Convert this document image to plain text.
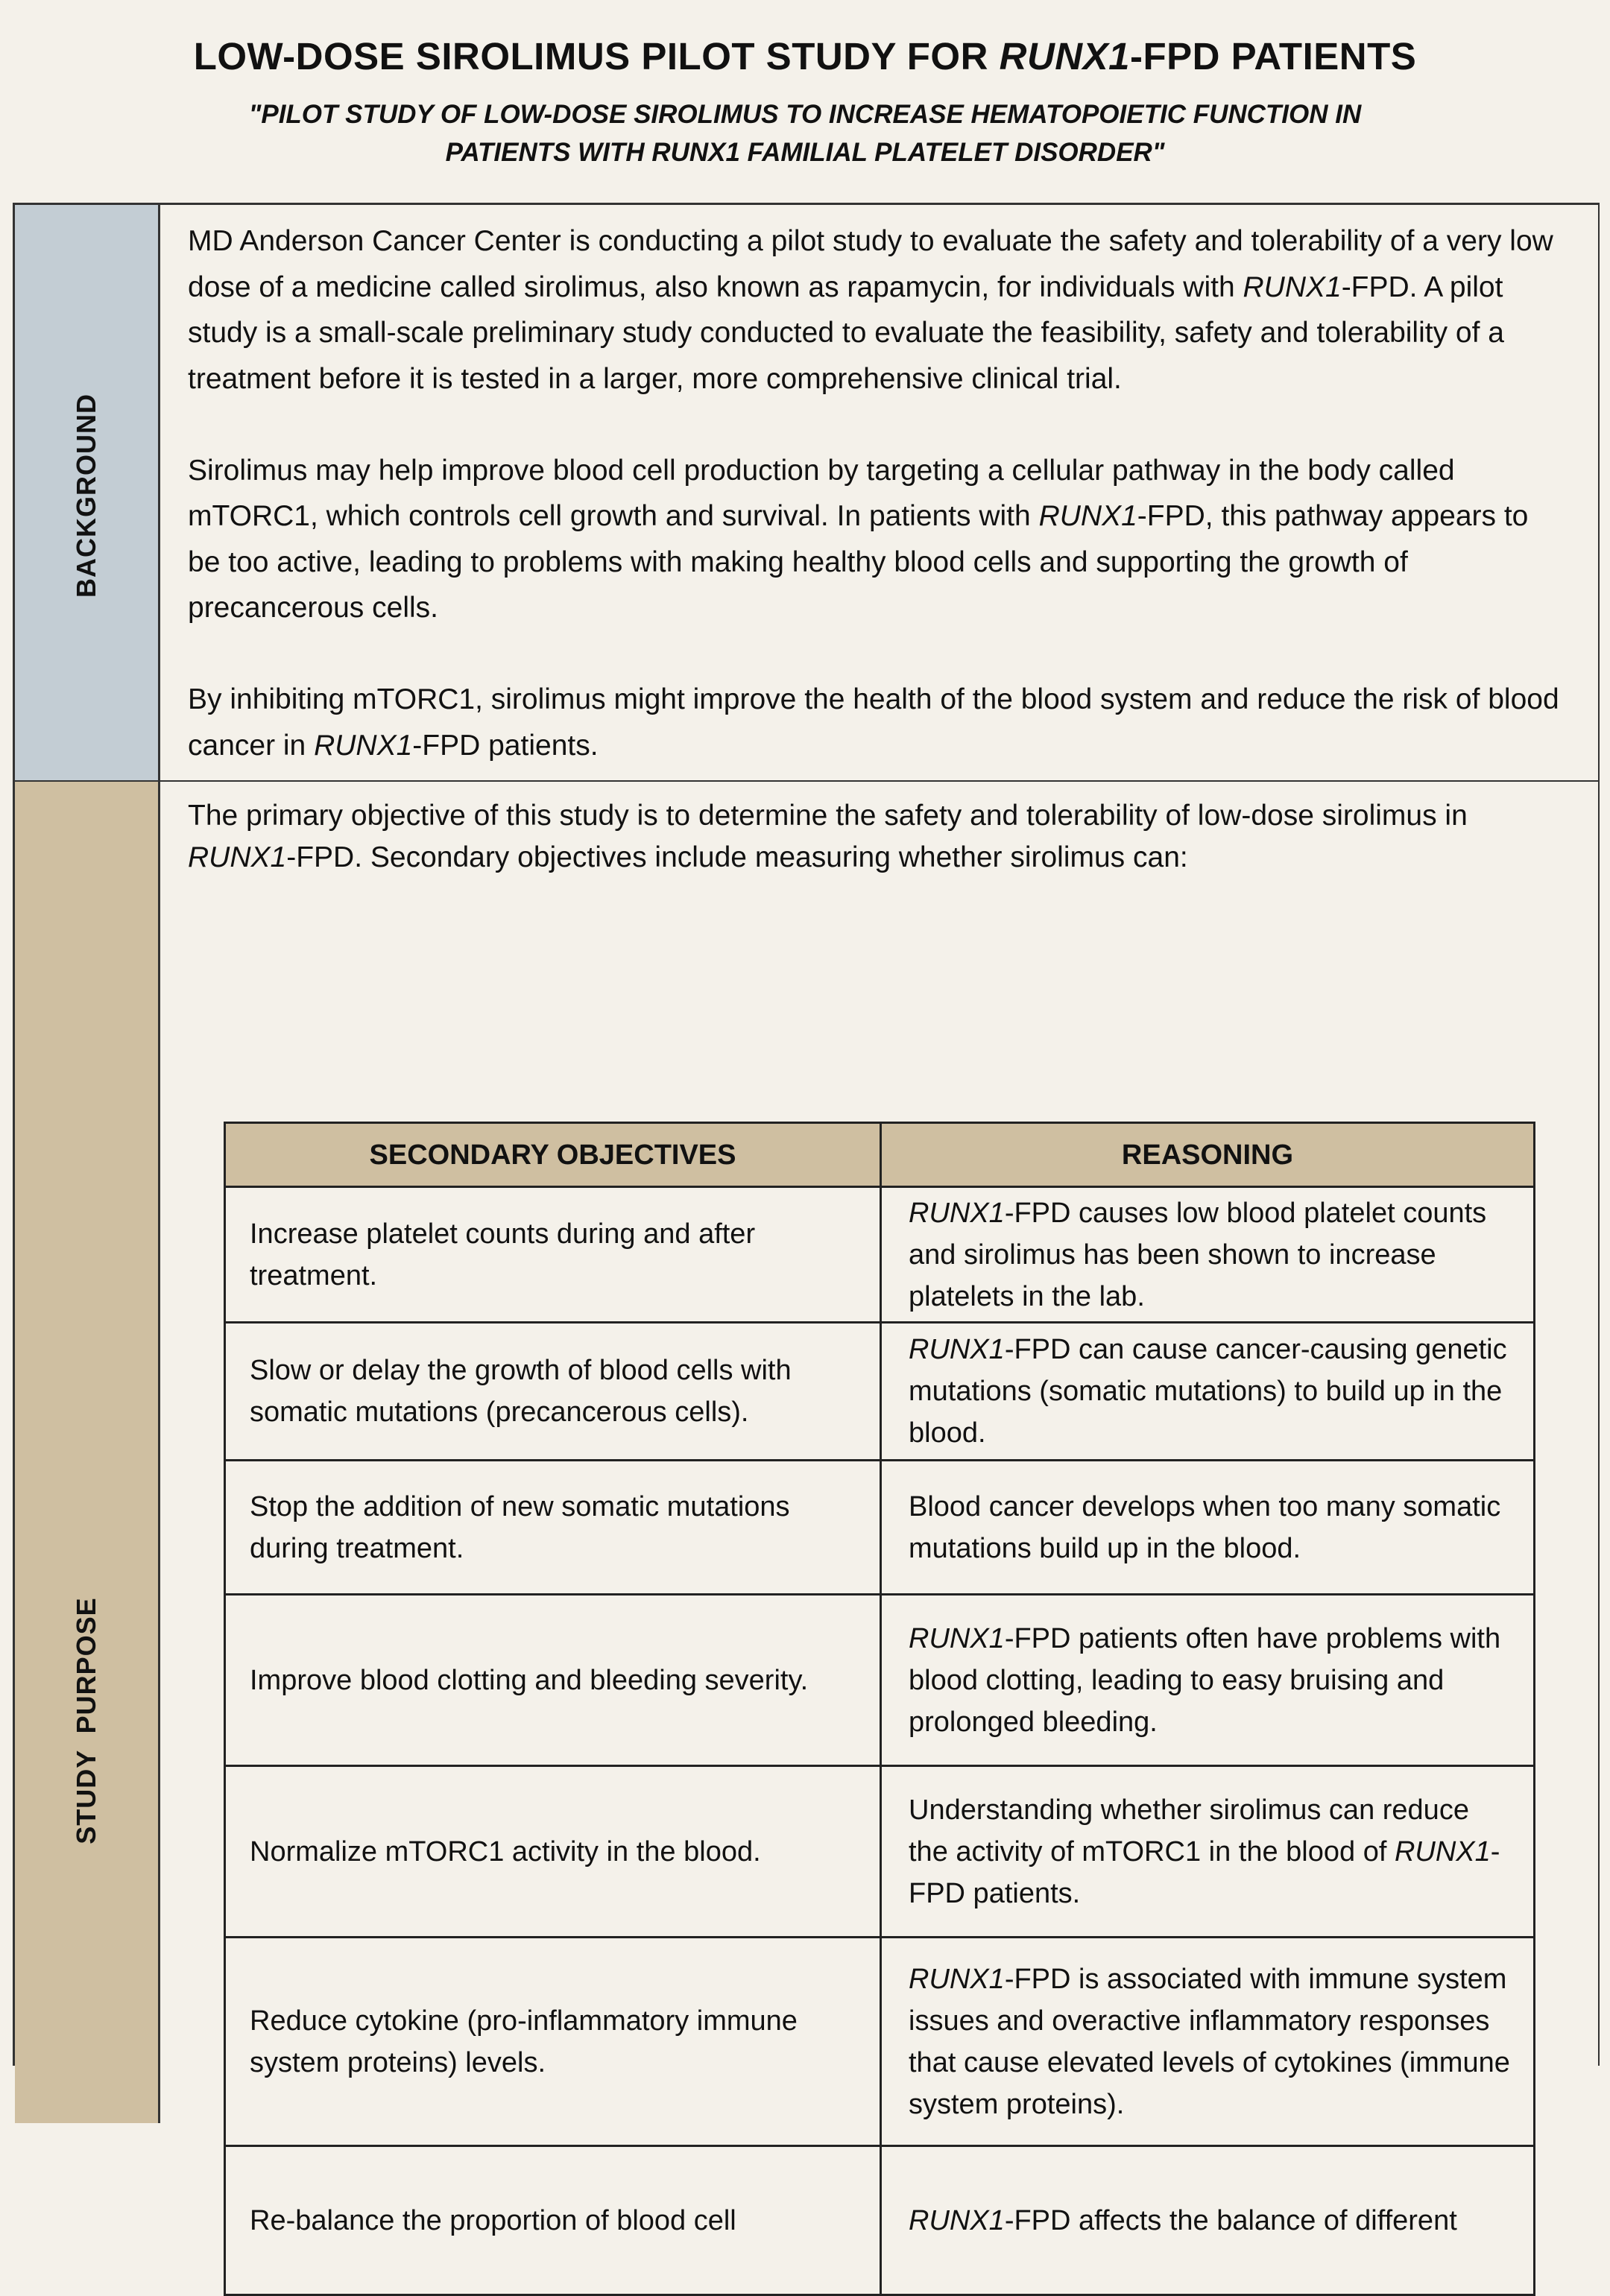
LOW-DOSE SIROLIMUS PILOT STUDY FOR RUNX1-FPD PATIENTS
"PILOT STUDY OF LOW-DOSE SIROLIMUS TO INCREASE HEMATOPOIETIC FUNCTION IN PATIENTS WITH RUNX1 FAMILIAL PLATELET DISORDER"
BACKGROUND

MD Anderson Cancer Center is conducting a pilot study to evaluate the safety and tolerability of a very low dose of a medicine called sirolimus, also known as rapamycin, for individuals with RUNX1-FPD. A pilot study is a small-scale preliminary study conducted to evaluate the feasibility, safety and tolerability of a treatment before it is tested in a larger, more comprehensive clinical trial.

Sirolimus may help improve blood cell production by targeting a cellular pathway in the body called mTORC1, which controls cell growth and survival. In patients with RUNX1-FPD, this pathway appears to be too active, leading to problems with making healthy blood cells and supporting the growth of precancerous cells.

By inhibiting mTORC1, sirolimus might improve the health of the blood system and reduce the risk of blood cancer in RUNX1-FPD patients.

STUDY  PURPOSE

The primary objective of this study is to determine the safety and tolerability of low-dose sirolimus in RUNX1-FPD. Secondary objectives include measuring whether sirolimus can:

SECONDARY OBJECTIVES	REASONING
Increase platelet counts during and after treatment.	RUNX1-FPD causes low blood platelet counts and sirolimus has been shown to increase platelets in the lab.
Slow or delay the growth of blood cells with somatic mutations (precancerous cells).	RUNX1-FPD can cause cancer-causing genetic mutations (somatic mutations) to build up in the blood.
Stop the addition of new somatic mutations during treatment.	Blood cancer develops when too many somatic mutations build up in the blood.
Improve blood clotting and bleeding severity.	RUNX1-FPD patients often have problems with blood clotting, leading to easy bruising and prolonged bleeding.
Normalize mTORC1 activity in the blood.	Understanding whether sirolimus can reduce the activity of mTORC1 in the blood of RUNX1-FPD patients.
Reduce cytokine (pro-inflammatory immune system proteins) levels.	RUNX1-FPD is associated with immune system issues and overactive inflammatory responses that cause elevated levels of cytokines (immune system proteins).
Re-balance the proportion of blood cell	RUNX1-FPD affects the balance of different
